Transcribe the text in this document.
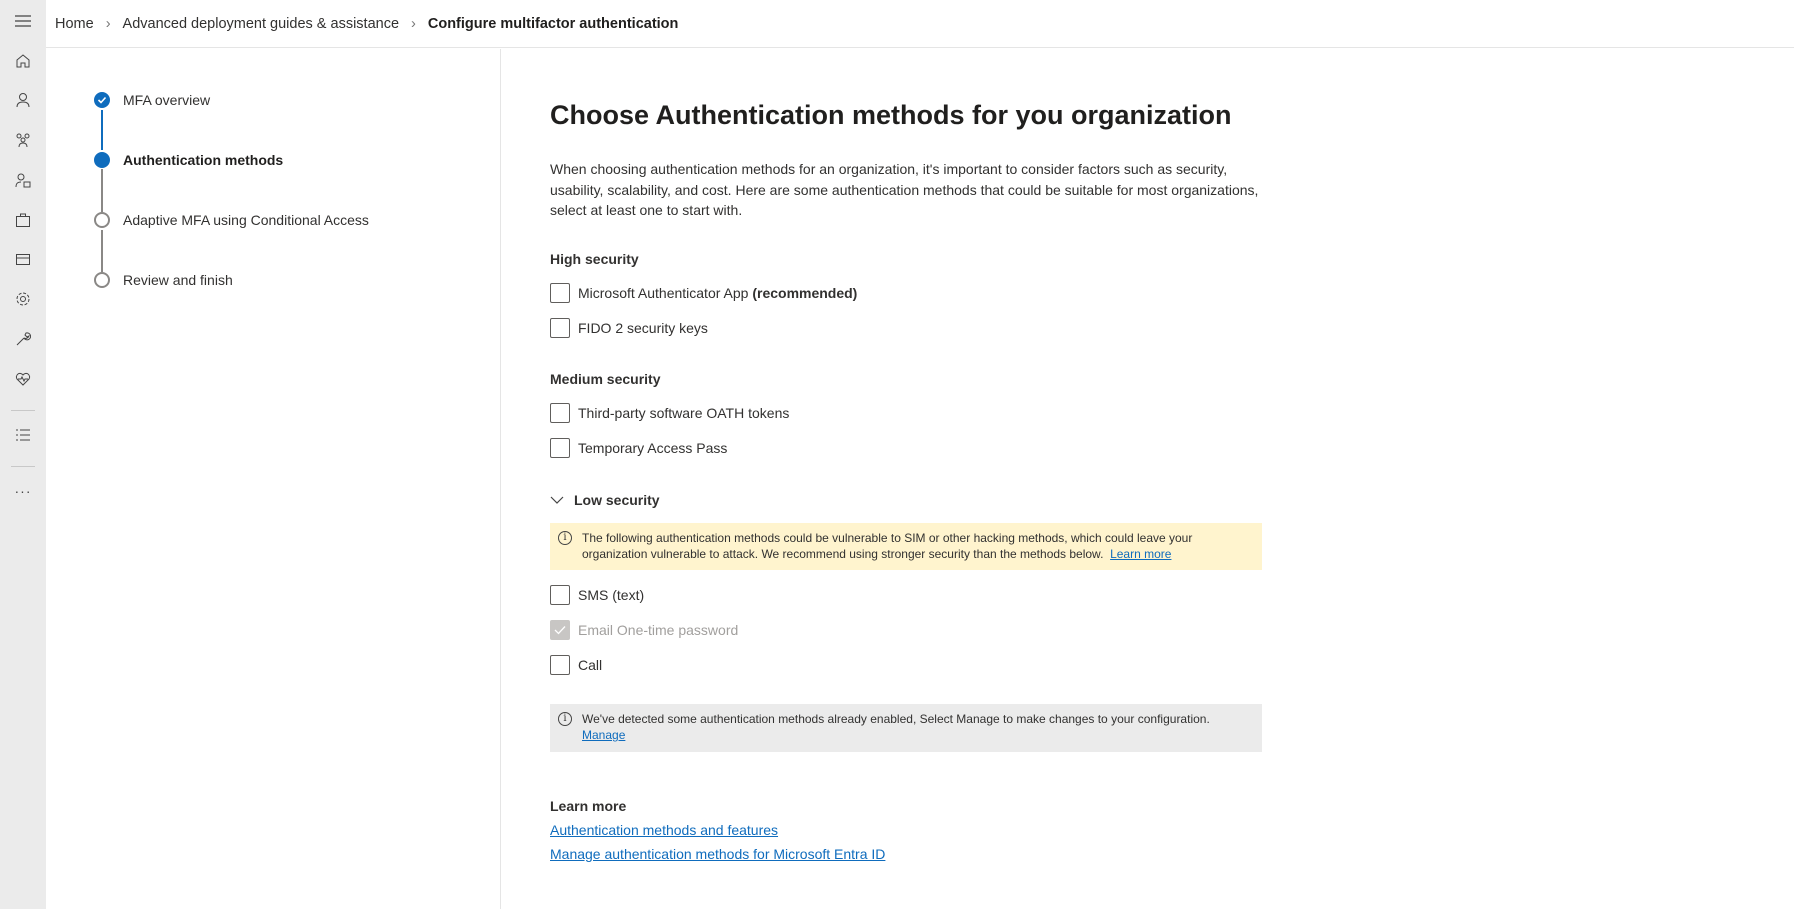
···
Home › Advanced deployment guides & assistance › Configure multifactor authentication
MFA overview
Authentication methods
Adaptive MFA using Conditional Access
Review and finish
Choose Authentication methods for you organization

When choosing authentication methods for an organization, it's important to consider factors such as security, usability, scalability, and cost. Here are some authentication methods that could be suitable for most organizations, select at least one to start with.

High security
Microsoft Authenticator App
(recommended)
FIDO 2 security keys
Medium security
Third-party software OATH tokens
Temporary Access Pass
Low security
i	The following authentication methods could be vulnerable to SIM or other hacking methods, which could leave your organization vulnerable to attack. We recommend using stronger security than the methods below. Learn more
SMS (text)
Email One-time password
Call
i	We've detected some authentication methods already enabled, Select Manage to make changes to your configuration.
Manage
Learn more
Authentication methods and features
Manage authentication methods for Microsoft Entra ID
